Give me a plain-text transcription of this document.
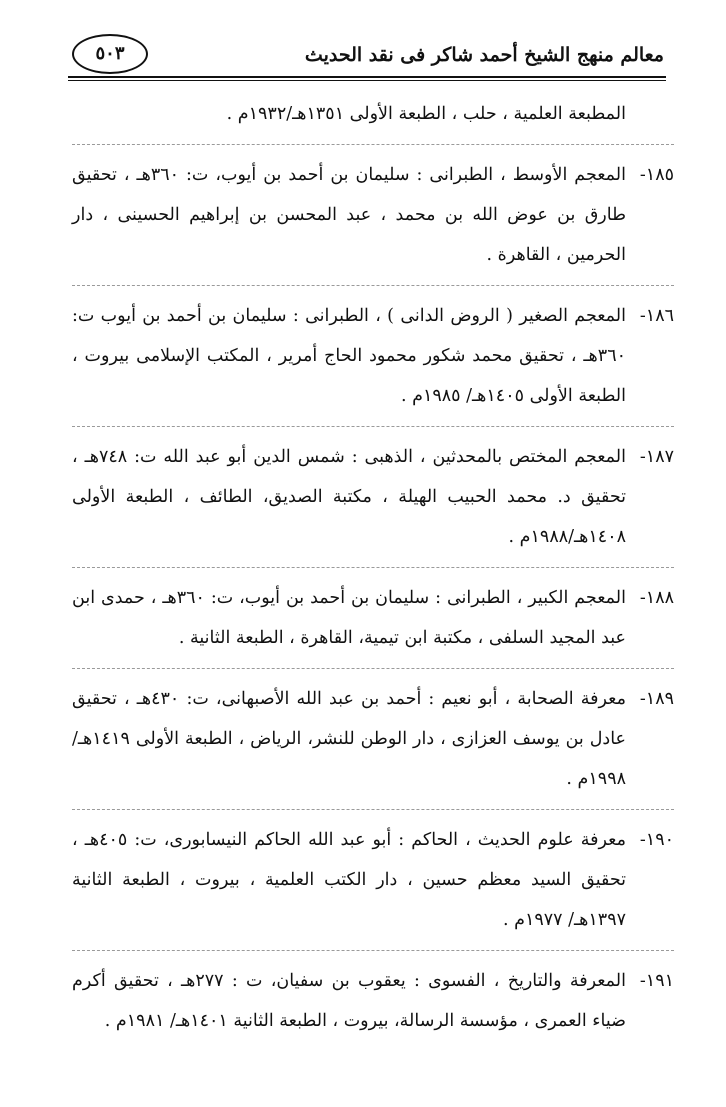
معالم منهج الشيخ أحمد شاكر فى نقد الحديث
٥٠٣
المطبعة العلمية ، حلب ، الطبعة الأولى ١٣٥١هـ/١٩٣٢م .
١٨٥-
المعجم الأوسط ، الطبرانى : سليمان بن أحمد بن أيوب، ت: ٣٦٠هـ ، تحقيق طارق بن عوض الله بن محمد ، عبد المحسن بن إبراهيم الحسينى ، دار الحرمين ، القاهرة .
١٨٦-
المعجم الصغير ( الروض الدانى ) ، الطبرانى : سليمان بن أحمد بن أيوب ت: ٣٦٠هـ ، تحقيق محمد شكور محمود الحاج أمرير ، المكتب الإسلامى بيروت ، الطبعة الأولى ١٤٠٥هـ/ ١٩٨٥م .
١٨٧-
المعجم المختص بالمحدثين ، الذهبى : شمس الدين أبو عبد الله ت: ٧٤٨هـ ، تحقيق د. محمد الحبيب الهيلة ، مكتبة الصديق، الطائف ، الطبعة الأولى ١٤٠٨هـ/١٩٨٨م .
١٨٨-
المعجم الكبير ، الطبرانى : سليمان بن أحمد بن أيوب، ت: ٣٦٠هـ ، حمدى ابن عبد المجيد السلفى ، مكتبة ابن تيمية، القاهرة ، الطبعة الثانية .
١٨٩-
معرفة الصحابة ، أبو نعيم : أحمد بن عبد الله الأصبهانى، ت: ٤٣٠هـ ، تحقيق عادل بن يوسف العزازى ، دار الوطن للنشر، الرياض ، الطبعة الأولى ١٤١٩هـ/١٩٩٨م .
١٩٠-
معرفة علوم الحديث ، الحاكم : أبو عبد الله الحاكم النيسابورى، ت: ٤٠٥هـ ، تحقيق السيد معظم حسين ، دار الكتب العلمية ، بيروت ، الطبعة الثانية ١٣٩٧هـ/ ١٩٧٧م .
١٩١-
المعرفة والتاريخ ، الفسوى : يعقوب بن سفيان، ت : ٢٧٧هـ ، تحقيق أكرم ضياء العمرى ، مؤسسة الرسالة، بيروت ، الطبعة الثانية ١٤٠١هـ/ ١٩٨١م .
